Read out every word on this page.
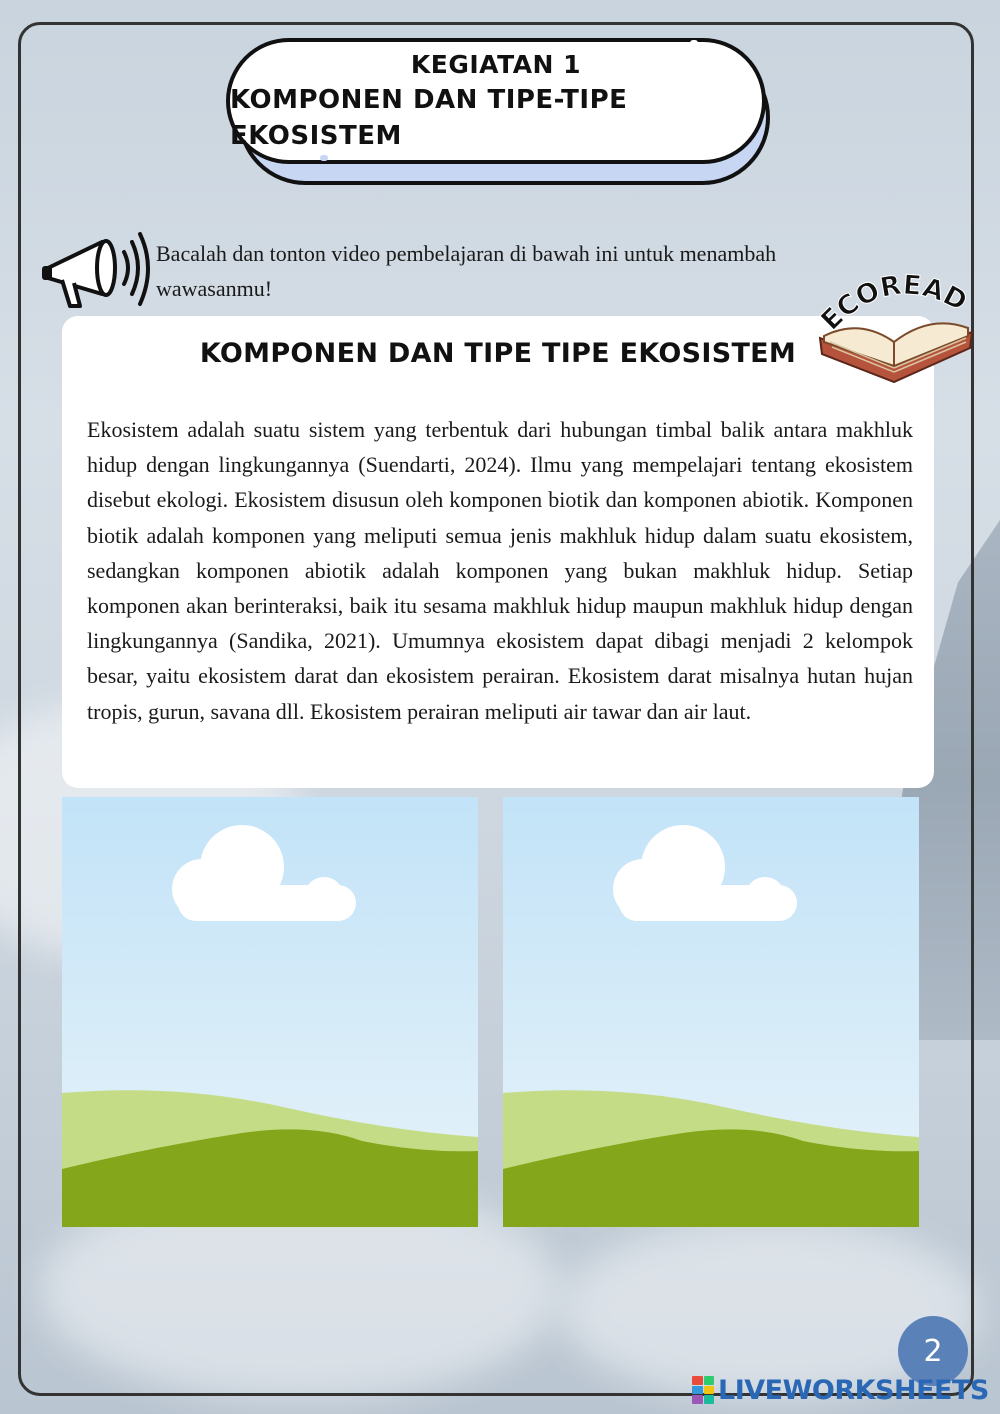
KEGIATAN 1
KOMPONEN DAN TIPE-TIPE EKOSISTEM
Bacalah dan tonton video pembelajaran di bawah ini untuk menambah wawasanmu!
KOMPONEN DAN TIPE TIPE EKOSISTEM
Ekosistem adalah suatu sistem yang terbentuk dari hubungan timbal balik antara makhluk hidup dengan lingkungannya (Suendarti, 2024). Ilmu yang mempelajari tentang ekosistem disebut ekologi. Ekosistem disusun oleh komponen biotik dan komponen abiotik. Komponen biotik adalah komponen yang meliputi semua jenis makhluk hidup dalam suatu ekosistem, sedangkan komponen abiotik adalah komponen yang bukan makhluk hidup. Setiap komponen akan berinteraksi, baik itu sesama makhluk hidup maupun makhluk hidup dengan lingkungannya (Sandika, 2021). Umumnya ekosistem dapat dibagi menjadi 2 kelompok besar, yaitu ekosistem darat dan ekosistem perairan. Ekosistem darat misalnya hutan hujan tropis, gurun, savana dll. Ekosistem perairan meliputi air tawar dan air laut.
ECOREAD
2
LIVEWORKSHEETS
